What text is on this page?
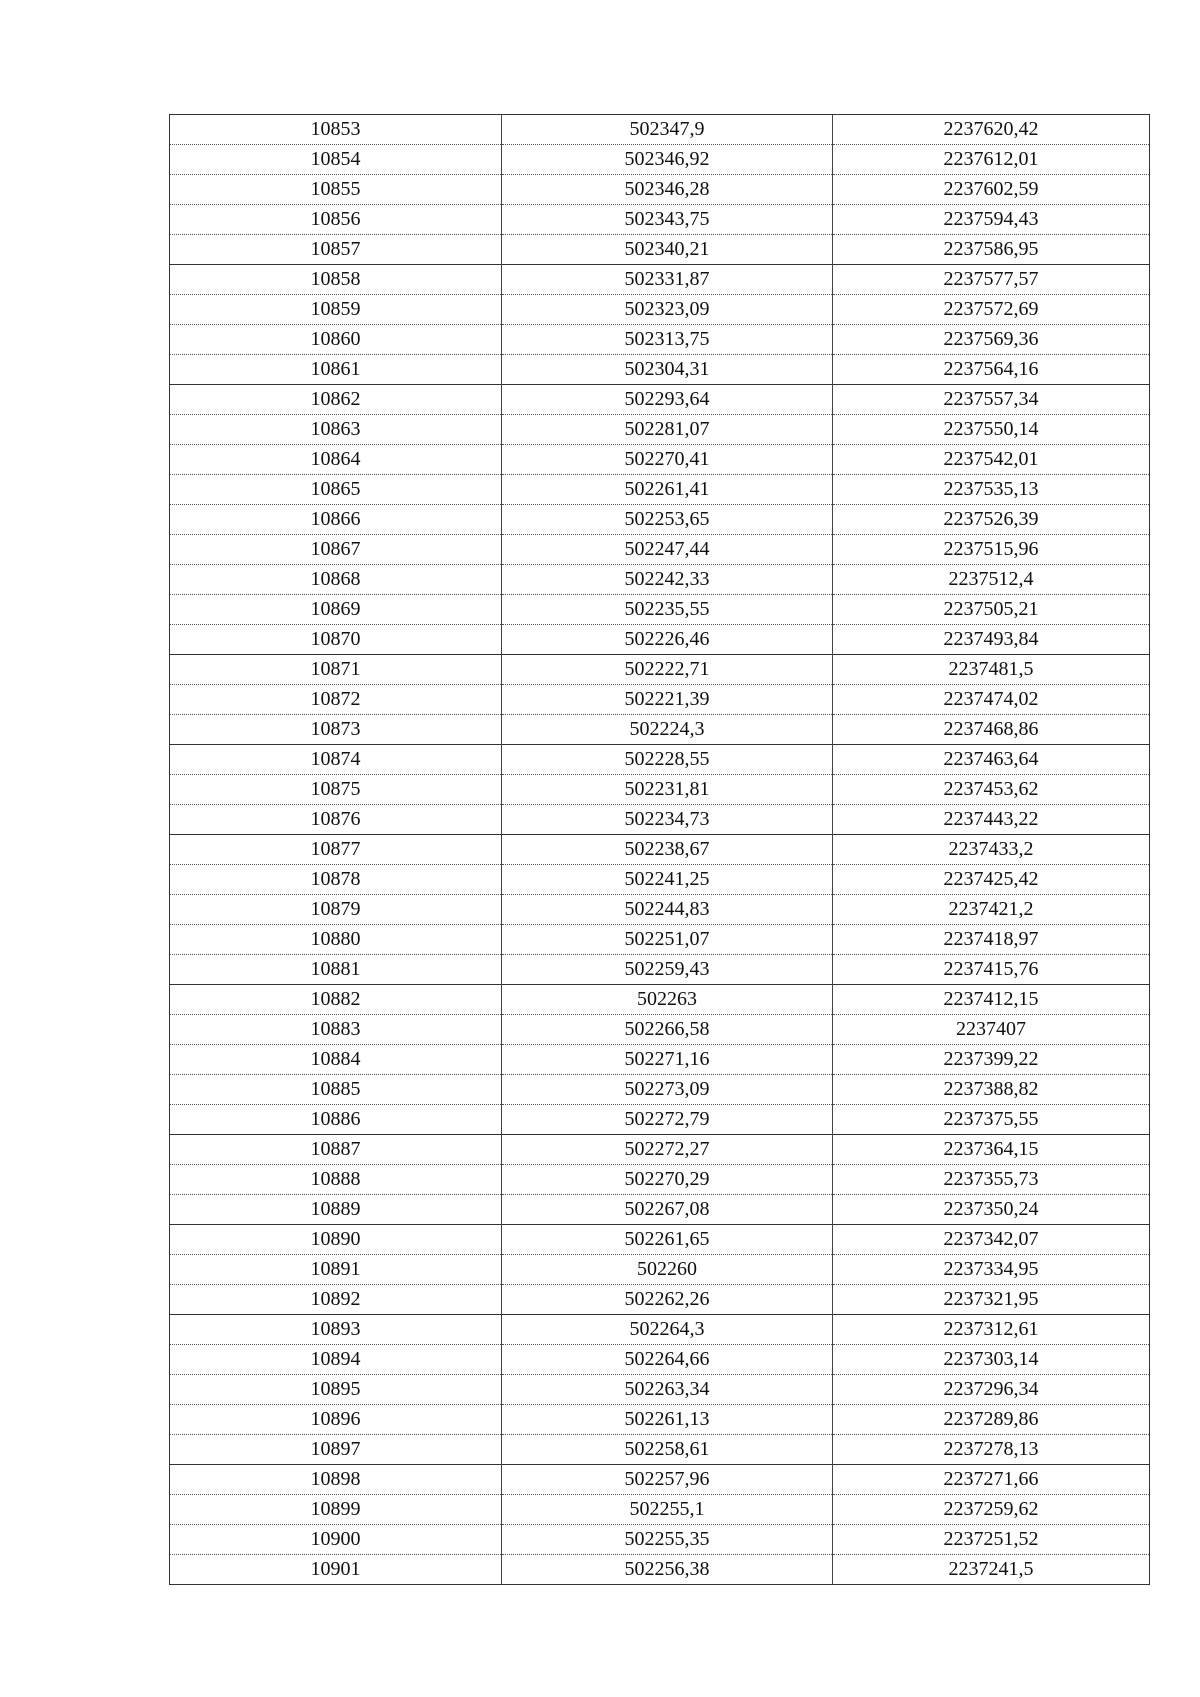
10853	502347,9	2237620,42
10854	502346,92	2237612,01
10855	502346,28	2237602,59
10856	502343,75	2237594,43
10857	502340,21	2237586,95
10858	502331,87	2237577,57
10859	502323,09	2237572,69
10860	502313,75	2237569,36
10861	502304,31	2237564,16
10862	502293,64	2237557,34
10863	502281,07	2237550,14
10864	502270,41	2237542,01
10865	502261,41	2237535,13
10866	502253,65	2237526,39
10867	502247,44	2237515,96
10868	502242,33	2237512,4
10869	502235,55	2237505,21
10870	502226,46	2237493,84
10871	502222,71	2237481,5
10872	502221,39	2237474,02
10873	502224,3	2237468,86
10874	502228,55	2237463,64
10875	502231,81	2237453,62
10876	502234,73	2237443,22
10877	502238,67	2237433,2
10878	502241,25	2237425,42
10879	502244,83	2237421,2
10880	502251,07	2237418,97
10881	502259,43	2237415,76
10882	502263	2237412,15
10883	502266,58	2237407
10884	502271,16	2237399,22
10885	502273,09	2237388,82
10886	502272,79	2237375,55
10887	502272,27	2237364,15
10888	502270,29	2237355,73
10889	502267,08	2237350,24
10890	502261,65	2237342,07
10891	502260	2237334,95
10892	502262,26	2237321,95
10893	502264,3	2237312,61
10894	502264,66	2237303,14
10895	502263,34	2237296,34
10896	502261,13	2237289,86
10897	502258,61	2237278,13
10898	502257,96	2237271,66
10899	502255,1	2237259,62
10900	502255,35	2237251,52
10901	502256,38	2237241,5
